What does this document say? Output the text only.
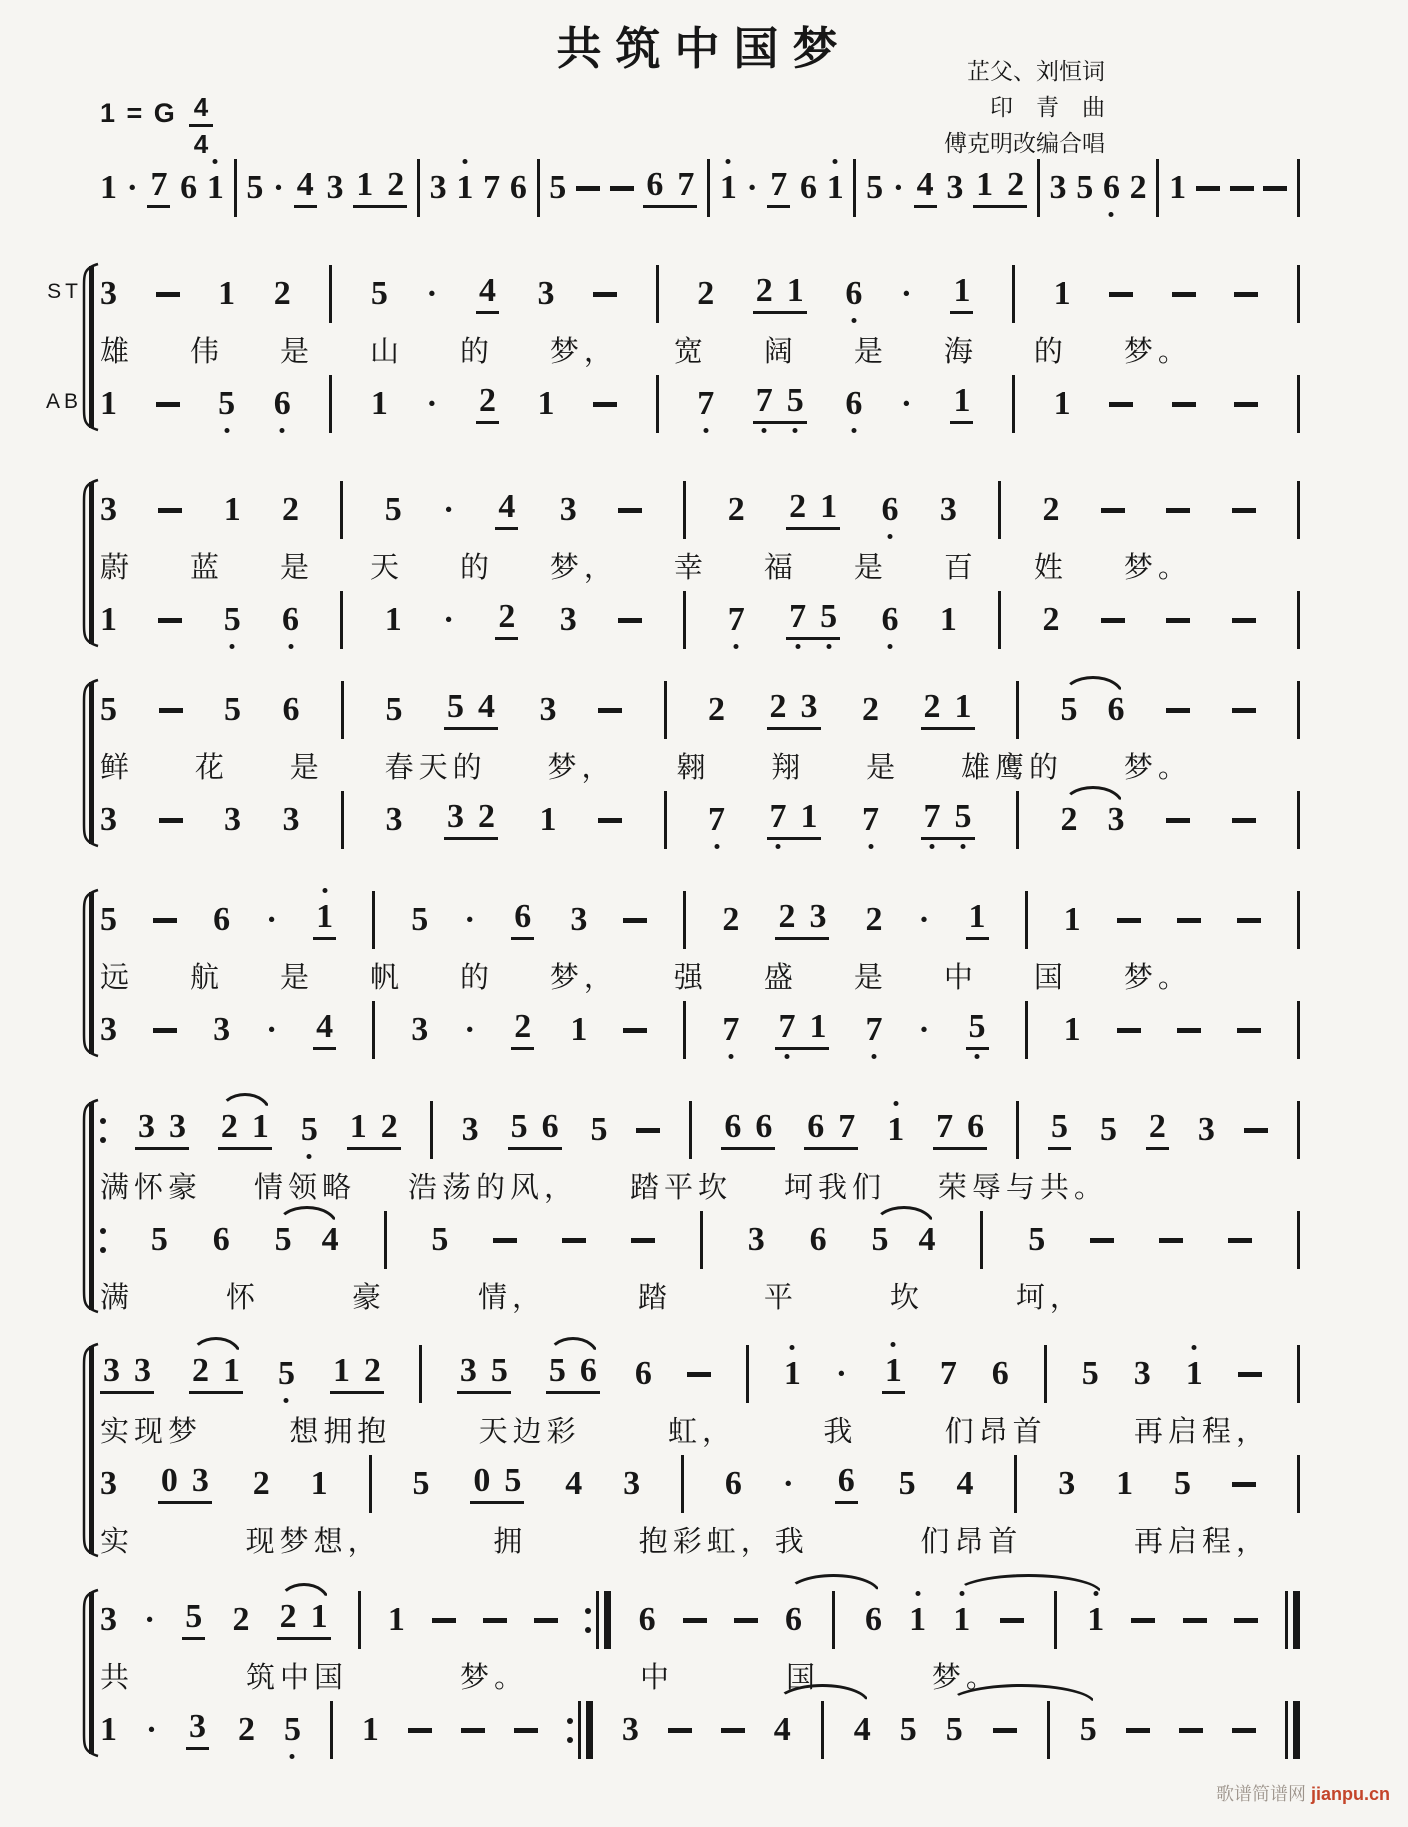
共筑中国梦	芷父、刘恒词
印　青　曲
傅克明改编合唱
1 = G $\frac{4}{4}$
1 · 7 6 1 5 · 4 3 1 2 3 1 7 6 5 6 7 1 · 7 6 1 5 · 4 3 1 2 3 5 6 2 1
3	1 2 5 · 4 3	2 2 1 6 · 1 1
雄 伟 是 山 的 梦， 宽 阔 是 海 的 梦。
1	5 6 1 · 2 1	7 7 5 6 · 1 1
ST
AB
3	1 2	5 · 4 3	2 2 1 6 3	2
蔚 蓝 是 天 的 梦， 幸 福 是 百 姓 梦。
1	5 6	1 · 2 3	7 7 5 6 1	2
5	5 6	5 5 4 3	2 2 3 2 2 1	5 6
鲜 花 是 春天的 梦， 翱 翔 是 雄鹰的 梦。
3	3 3	3 3 2 1	7 7 1 7 7 5	2 3
5	6 · 1 5 · 6 3	2 2 3 2 · 1 1
远 航 是 帆 的 梦， 强 盛 是 中 国 梦。
3	3 · 4 3 · 2 1	7 7 1 7 · 5 1
3 3 2 1 5 1 2 3 5 6 5	6 6 6 7 1 7 6 5 5 2 3
满怀豪 情领略 浩荡的风， 踏平坎 坷我们 荣辱与共。
5 6 5 4	5	3 6 5 4	5
满	怀	豪	情，	踏	平	坎	坷，
3 3 2 1 5 1 2 3 5 5 6 6	1 · 1 7 6 5 3 1
实现梦	想拥抱	天边彩	虹，	我	们昂首	再启程，
3 0 3 2 1 5 0 5 4 3 6 · 6 5 4 3 1 5
实	现梦想，	拥	抱彩虹，我	们昂首	再启程，
3 · 5 2 2 1 1	6	6 6 1 1	1
共	筑中国	梦。	中	国	梦。
1 · 3 2 5 1	3	4 4 5 5	5
歌谱简谱网 jianpu.cn
